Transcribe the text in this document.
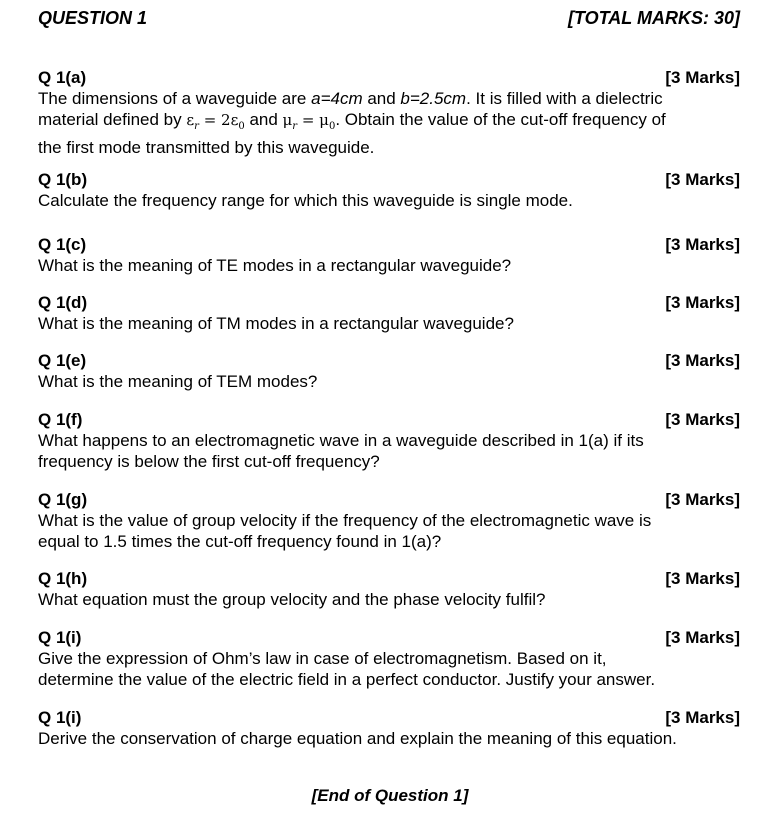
QUESTION 1	[TOTAL MARKS: 30]
Q 1(a)	[3 Marks]
The dimensions of a waveguide are a=4cm and b=2.5cm. It is filled with a dielectric
material defined by $\varepsilon_r = 2\varepsilon_0$ and $\mu_r = \mu_0$. Obtain the value of the cut-off frequency of
the first mode transmitted by this waveguide.
Q 1(b)	[3 Marks]
Calculate the frequency range for which this waveguide is single mode.
Q 1(c)	[3 Marks]
What is the meaning of TE modes in a rectangular waveguide?
Q 1(d)	[3 Marks]
What is the meaning of TM modes in a rectangular waveguide?
Q 1(e)	[3 Marks]
What is the meaning of TEM modes?
Q 1(f)	[3 Marks]
What happens to an electromagnetic wave in a waveguide described in 1(a) if its
frequency is below the first cut-off frequency?
Q 1(g)	[3 Marks]
What is the value of group velocity if the frequency of the electromagnetic wave is
equal to 1.5 times the cut-off frequency found in 1(a)?
Q 1(h)	[3 Marks]
What equation must the group velocity and the phase velocity fulfil?
Q 1(i)	[3 Marks]
Give the expression of Ohm’s law in case of electromagnetism. Based on it,
determine the value of the electric field in a perfect conductor. Justify your answer.
Q 1(i)	[3 Marks]
Derive the conservation of charge equation and explain the meaning of this equation.
[End of Question 1]
